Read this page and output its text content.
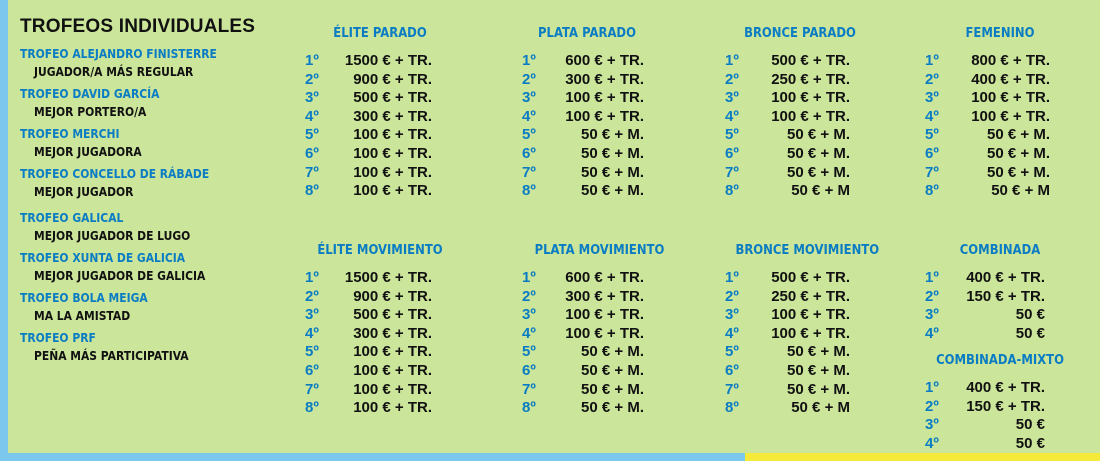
TROFEOS INDIVIDUALES
TROFEO ALEJANDRO FINISTERRE
JUGADOR/A MÁS REGULAR
TROFEO DAVID GARCÍA
MEJOR PORTERO/A
TROFEO MERCHI
MEJOR JUGADORA
TROFEO CONCELLO DE RÁBADE
MEJOR JUGADOR
TROFEO GALICAL
MEJOR JUGADOR DE LUGO
TROFEO XUNTA DE GALICIA
MEJOR JUGADOR DE GALICIA
TROFEO BOLA MEIGA
MA LA AMISTAD
TROFEO PRF
PEÑA MÁS PARTICIPATIVA
ÉLITE PARADO
1º 1500 € + TR.
2º 900 € + TR.
3º 500 € + TR.
4º 300 € + TR.
5º 100 € + TR.
6º 100 € + TR.
7º 100 € + TR.
8º 100 € + TR.
PLATA PARADO
1º 600 € + TR.
2º 300 € + TR.
3º 100 € + TR.
4º 100 € + TR.
5º	50 € + M.
6º	50 € + M.
7º	50 € + M.
8º	50 € + M.
BRONCE PARADO
1º 500 € + TR.
2º 250 € + TR.
3º 100 € + TR.
4º 100 € + TR.
5º	50 € + M.
6º	50 € + M.
7º	50 € + M.
8º	50 € + M
FEMENINO
1º 800 € + TR.
2º 400 € + TR.
3º 100 € + TR.
4º 100 € + TR.
5º	50 € + M.
6º	50 € + M.
7º	50 € + M.
8º	50 € + M
ÉLITE MOVIMIENTO
1º 1500 € + TR.
2º 900 € + TR.
3º 500 € + TR.
4º 300 € + TR.
5º 100 € + TR.
6º 100 € + TR.
7º 100 € + TR.
8º 100 € + TR.
PLATA MOVIMIENTO
1º 600 € + TR.
2º 300 € + TR.
3º 100 € + TR.
4º 100 € + TR.
5º	50 € + M.
6º	50 € + M.
7º	50 € + M.
8º	50 € + M.
BRONCE MOVIMIENTO
1º 500 € + TR.
2º 250 € + TR.
3º 100 € + TR.
4º 100 € + TR.
5º	50 € + M.
6º	50 € + M.
7º	50 € + M.
8º	50 € + M
COMBINADA
1º 400 € + TR.
2º 150 € + TR.
3º	50 €
4º	50 €
COMBINADA-MIXTO
1º 400 € + TR.
2º 150 € + TR.
3º	50 €
4º	50 €
